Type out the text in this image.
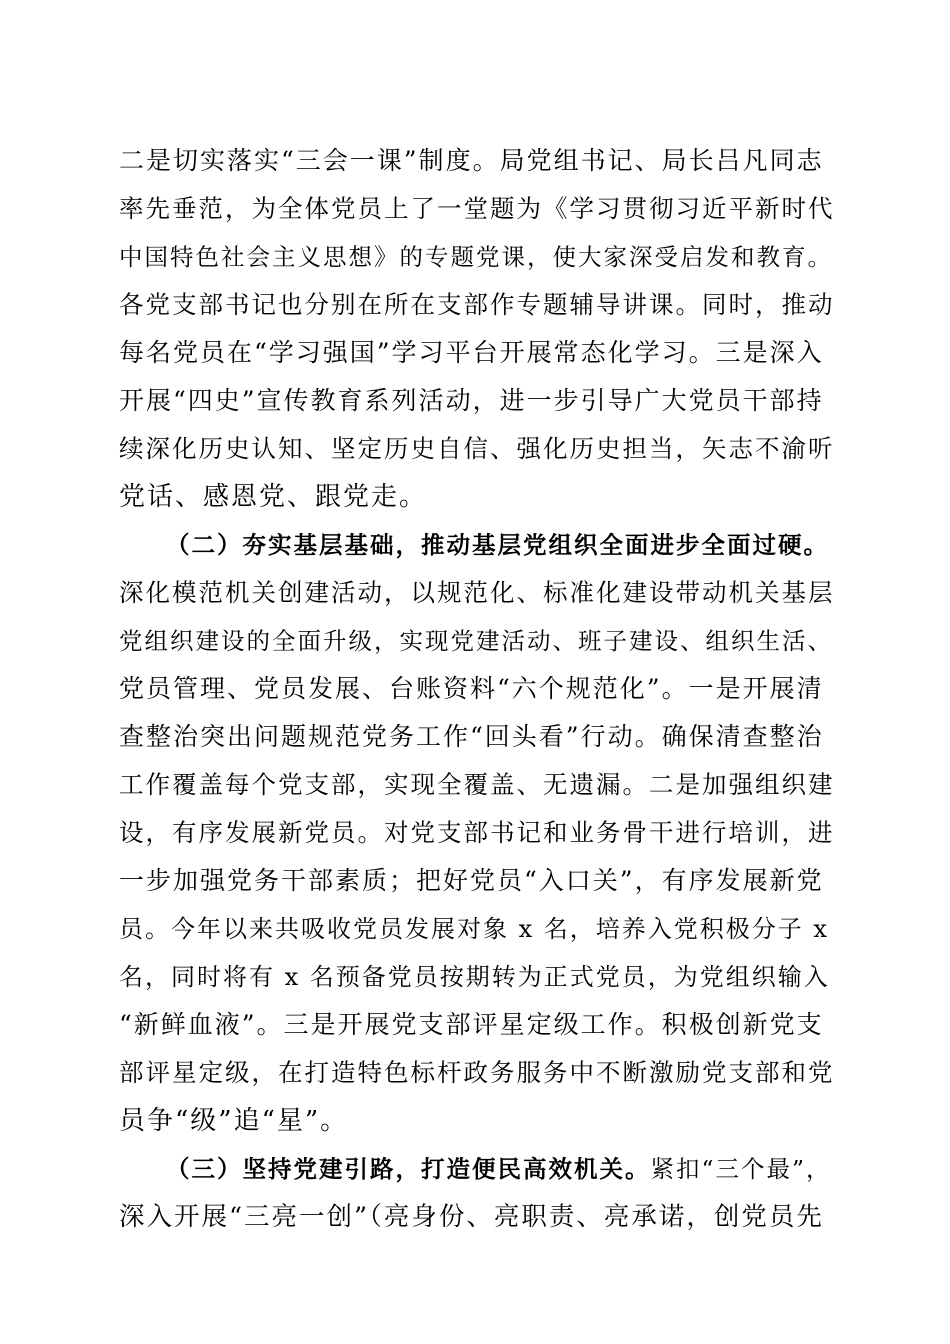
二是切实落实“三会一课”制度。局党组书记、局长吕凡同志
率先垂范，为全体党员上了一堂题为《学习贯彻习近平新时代
中国特色社会主义思想》的专题党课，使大家深受启发和教育。
各党支部书记也分别在所在支部作专题辅导讲课。同时，推动
每名党员在“学习强国”学习平台开展常态化学习。三是深入
开展“四史”宣传教育系列活动，进一步引导广大党员干部持
续深化历史认知、坚定历史自信、强化历史担当，矢志不渝听
党话、感恩党、跟党走。
（二）夯实基层基础，推动基层党组织全面进步全面过硬。
深化模范机关创建活动，以规范化、标准化建设带动机关基层
党组织建设的全面升级，实现党建活动、班子建设、组织生活、
党员管理、党员发展、台账资料“六个规范化”。一是开展清
查整治突出问题规范党务工作“回头看”行动。确保清查整治
工作覆盖每个党支部，实现全覆盖、无遗漏。二是加强组织建
设，有序发展新党员。对党支部书记和业务骨干进行培训，进
一步加强党务干部素质；把好党员“入口关”，有序发展新党
员。今年以来共吸收党员发展对象 x 名，培养入党积极分子 x
名，同时将有 x 名预备党员按期转为正式党员，为党组织输入
“新鲜血液”。三是开展党支部评星定级工作。积极创新党支
部评星定级，在打造特色标杆政务服务中不断激励党支部和党
员争“级”追“星”。
（三）坚持党建引路，打造便民高效机关。紧扣“三个最”，
深入开展“三亮一创”（亮身份、亮职责、亮承诺，创党员先
